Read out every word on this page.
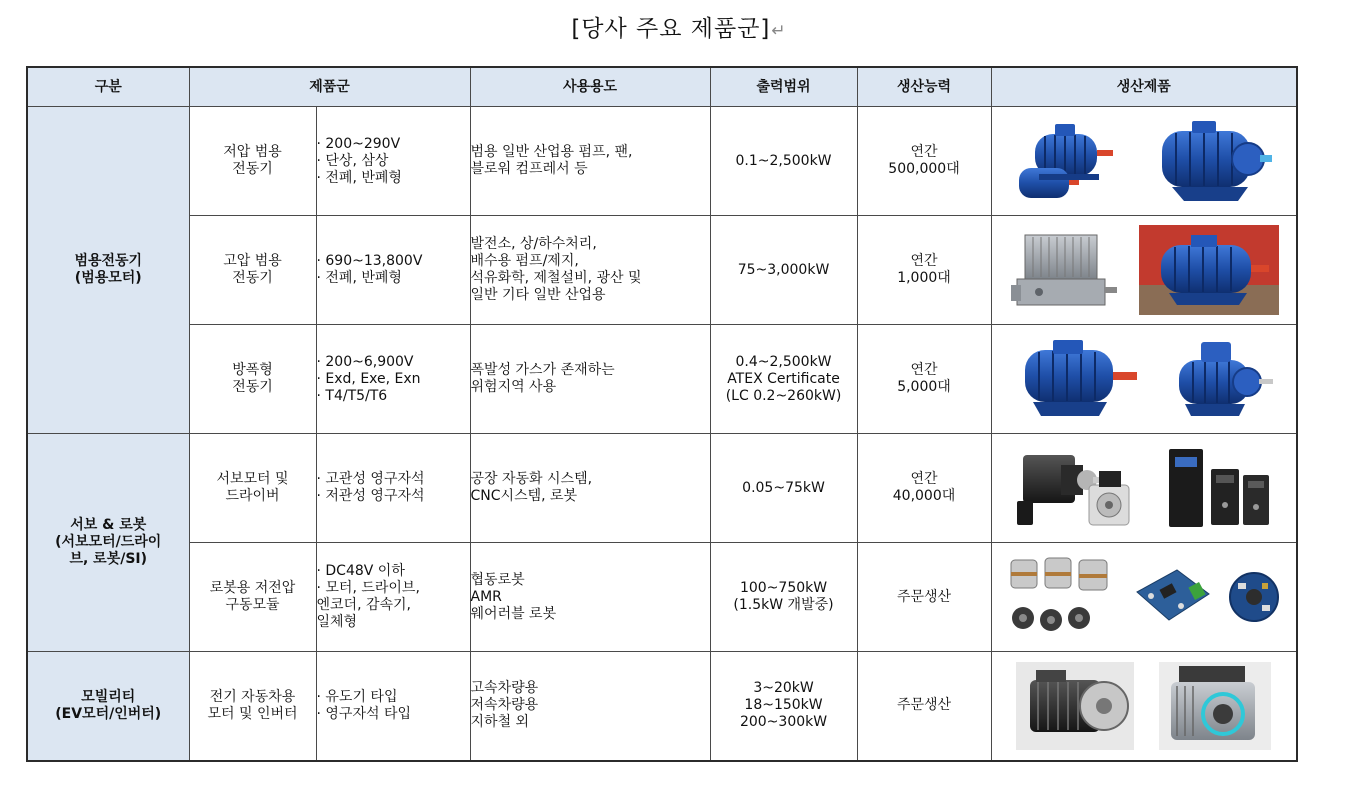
[당사 주요 제품군]↵
구분	제품군		사용용도	출력범위	생산능력	생산제품
범용전동기
(범용모터)	저압 범용
전동기	· 200~290V
· 단상, 삼상
· 전폐, 반폐형	범용 일반 산업용 펌프, 팬,
블로워 컴프레서 등	0.1~2,500kW	연간
500,000대	

	고압 범용
전동기	· 690~13,800V
· 전폐, 반폐형	발전소, 상/하수처리,
배수용 펌프/제지,
석유화학, 제철설비, 광산 및
일반 기타 일반 산업용	75~3,000kW	연간
1,000대	

	방폭형
전동기	· 200~6,900V
· Exd, Exe, Exn
· T4/T5/T6	폭발성 가스가 존재하는
위험지역 사용	0.4~2,500kW
ATEX Certificate
(LC 0.2~260kW)	연간
5,000대	

서보 & 로봇
(서보모터/드라이
브, 로봇/SI)	서보모터 및
드라이버	· 고관성 영구자석
· 저관성 영구자석	공장 자동화 시스템,
CNC시스템, 로봇	0.05~75kW	연간
40,000대	

	로봇용 저전압
구동모듈	· DC48V 이하
· 모터, 드라이브,
엔코더, 감속기,
일체형	협동로봇
AMR
웨어러블 로봇	100~750kW
(1.5kW 개발중)	주문생산	

모빌리티
(EV모터/인버터)	전기 자동차용
모터 및 인버터	· 유도기 타입
· 영구자석 타입	고속차량용
저속차량용
지하철 외	3~20kW
18~150kW
200~300kW	주문생산	
